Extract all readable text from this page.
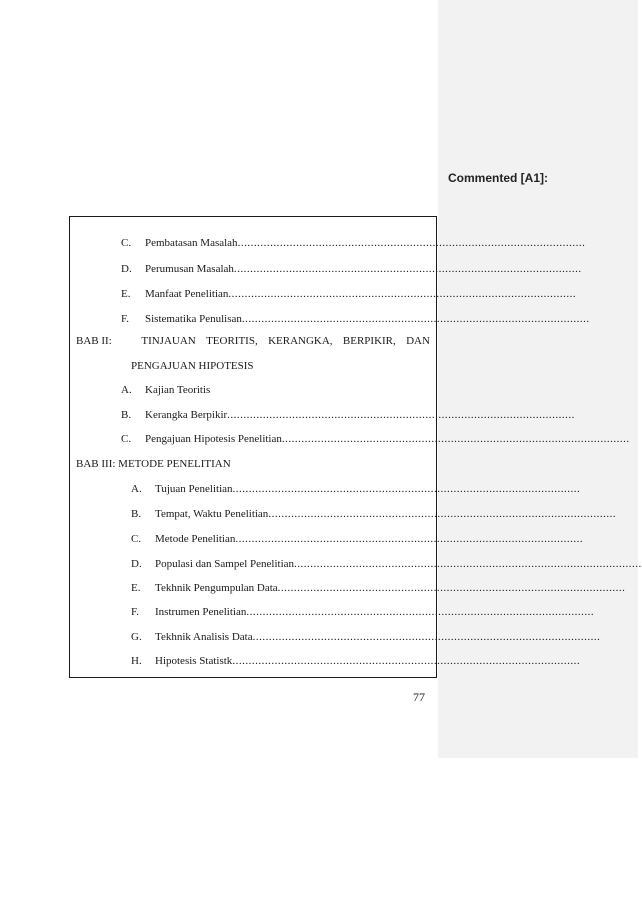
Commented [A1]:
C. Pembatasan Masalah ...........................................................................................................
D. Perumusan Masalah ...........................................................................................................
E. Manfaat Penelitian ...........................................................................................................
F. Sistematika Penulisan ...........................................................................................................
BAB II:	TINJAUAN TEORITIS, KERANGKA, BERPIKIR, DAN
PENGAJUAN HIPOTESIS
A. Kajian Teoritis
B. Kerangka Berpikir ...........................................................................................................
C. Pengajuan Hipotesis Penelitian ...........................................................................................................
BAB III: METODE PENELITIAN
A. Tujuan Penelitian ...........................................................................................................
B. Tempat, Waktu Penelitian ...........................................................................................................
C. Metode Penelitian ...........................................................................................................
D. Populasi dan Sampel Penelitian ...........................................................................................................
E. Tekhnik Pengumpulan Data ...........................................................................................................
F. Instrumen Penelitian ...........................................................................................................
G. Tekhnik Analisis Data ...........................................................................................................
H. Hipotesis Statistk ...........................................................................................................
77
